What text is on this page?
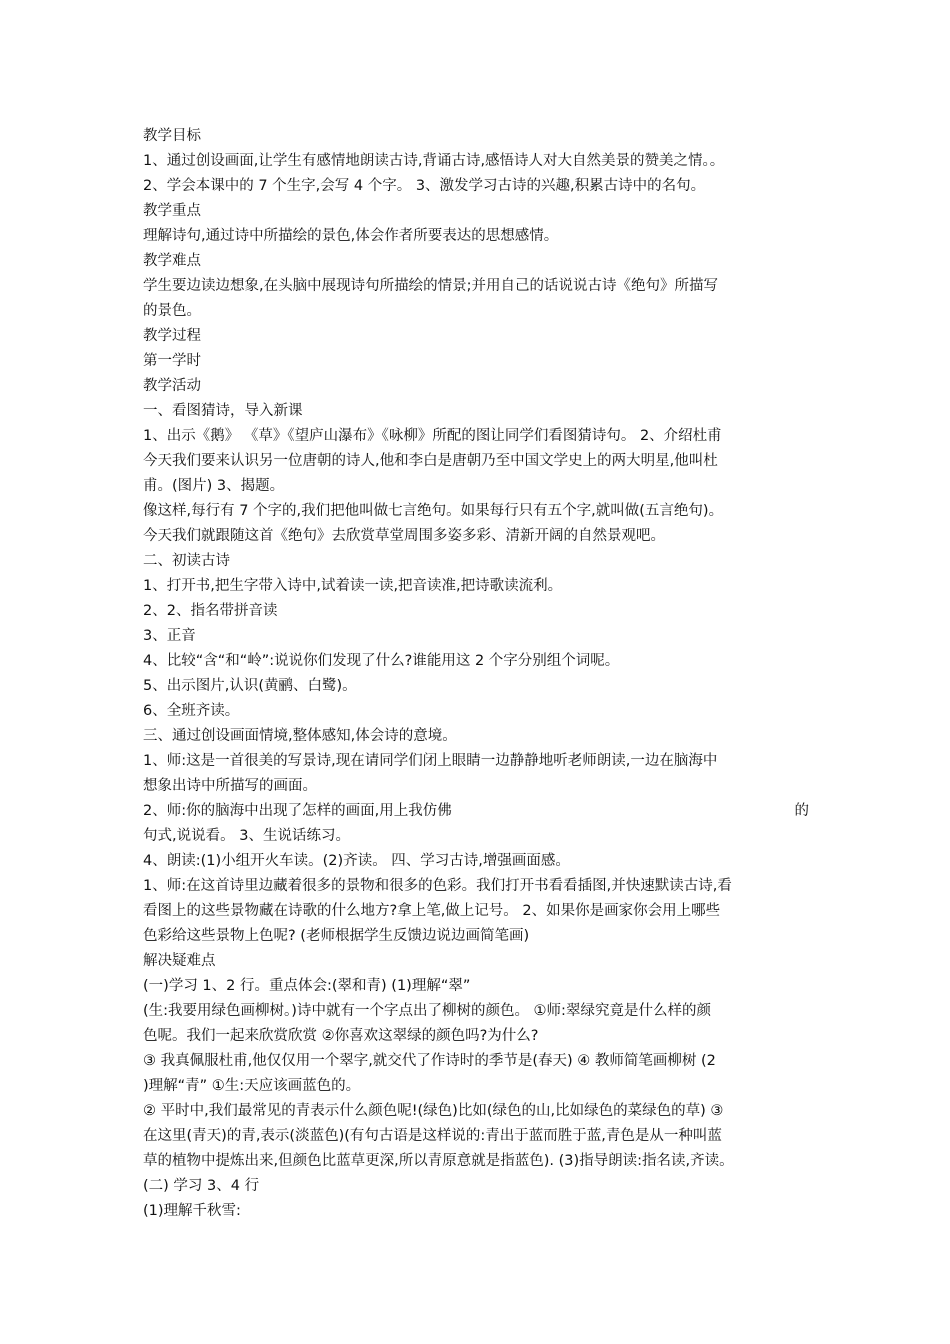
教学目标
1、通过创设画面,让学生有感情地朗读古诗,背诵古诗,感悟诗人对大自然美景的赞美之情。。
2、学会本课中的 7 个生字,会写 4 个字。 3、激发学习古诗的兴趣,积累古诗中的名句。
教学重点
理解诗句,通过诗中所描绘的景色,体会作者所要表达的思想感情。
教学难点
学生要边读边想象,在头脑中展现诗句所描绘的情景;并用自己的话说说古诗《绝句》所描写
的景色。
教学过程
第一学时
教学活动
一、看图猜诗，导入新课
1、出示《鹅》 《草》《望庐山瀑布》《咏柳》所配的图让同学们看图猜诗句。 2、介绍杜甫
今天我们要来认识另一位唐朝的诗人,他和李白是唐朝乃至中国文学史上的两大明星,他叫杜
甫。(图片) 3、揭题。
像这样,每行有 7 个字的,我们把他叫做七言绝句。如果每行只有五个字,就叫做(五言绝句)。
今天我们就跟随这首《绝句》去欣赏草堂周围多姿多彩、清新开阔的自然景观吧。
二、初读古诗
1、打开书,把生字带入诗中,试着读一读,把音读准,把诗歌读流利。
2、2、指名带拼音读
3、正音
4、比较“含“和“岭”:说说你们发现了什么?谁能用这 2 个字分别组个词呢。
5、出示图片,认识(黄鹂、白鹭)。
6、全班齐读。
三、通过创设画面情境,整体感知,体会诗的意境。
1、师:这是一首很美的写景诗,现在请同学们闭上眼睛一边静静地听老师朗读,一边在脑海中
想象出诗中所描写的画面。
2、师:你的脑海中出现了怎样的画面,用上我仿佛	的
句式,说说看。 3、生说话练习。
4、朗读:(1)小组开火车读。(2)齐读。 四、学习古诗,增强画面感。
1、师:在这首诗里边藏着很多的景物和很多的色彩。我们打开书看看插图,并快速默读古诗,看
看图上的这些景物藏在诗歌的什么地方?拿上笔,做上记号。 2、如果你是画家你会用上哪些
色彩给这些景物上色呢? (老师根据学生反馈边说边画简笔画)
解决疑难点
(一)学习 1、2 行。重点体会:(翠和青) (1)理解“翠”
(生:我要用绿色画柳树。)诗中就有一个字点出了柳树的颜色。 ①师:翠绿究竟是什么样的颜
色呢。我们一起来欣赏欣赏 ②你喜欢这翠绿的颜色吗?为什么?
③ 我真佩服杜甫,他仅仅用一个翠字,就交代了作诗时的季节是(春天) ④ 教师简笔画柳树 (2
)理解“青” ①生:天应该画蓝色的。
② 平时中,我们最常见的青表示什么颜色呢!(绿色)比如(绿色的山,比如绿色的菜绿色的草) ③
在这里(青天)的青,表示(淡蓝色)(有句古语是这样说的:青出于蓝而胜于蓝,青色是从一种叫蓝
草的植物中提炼出来,但颜色比蓝草更深,所以青原意就是指蓝色). (3)指导朗读:指名读,齐读。
(二) 学习 3、4 行
(1)理解千秋雪:
